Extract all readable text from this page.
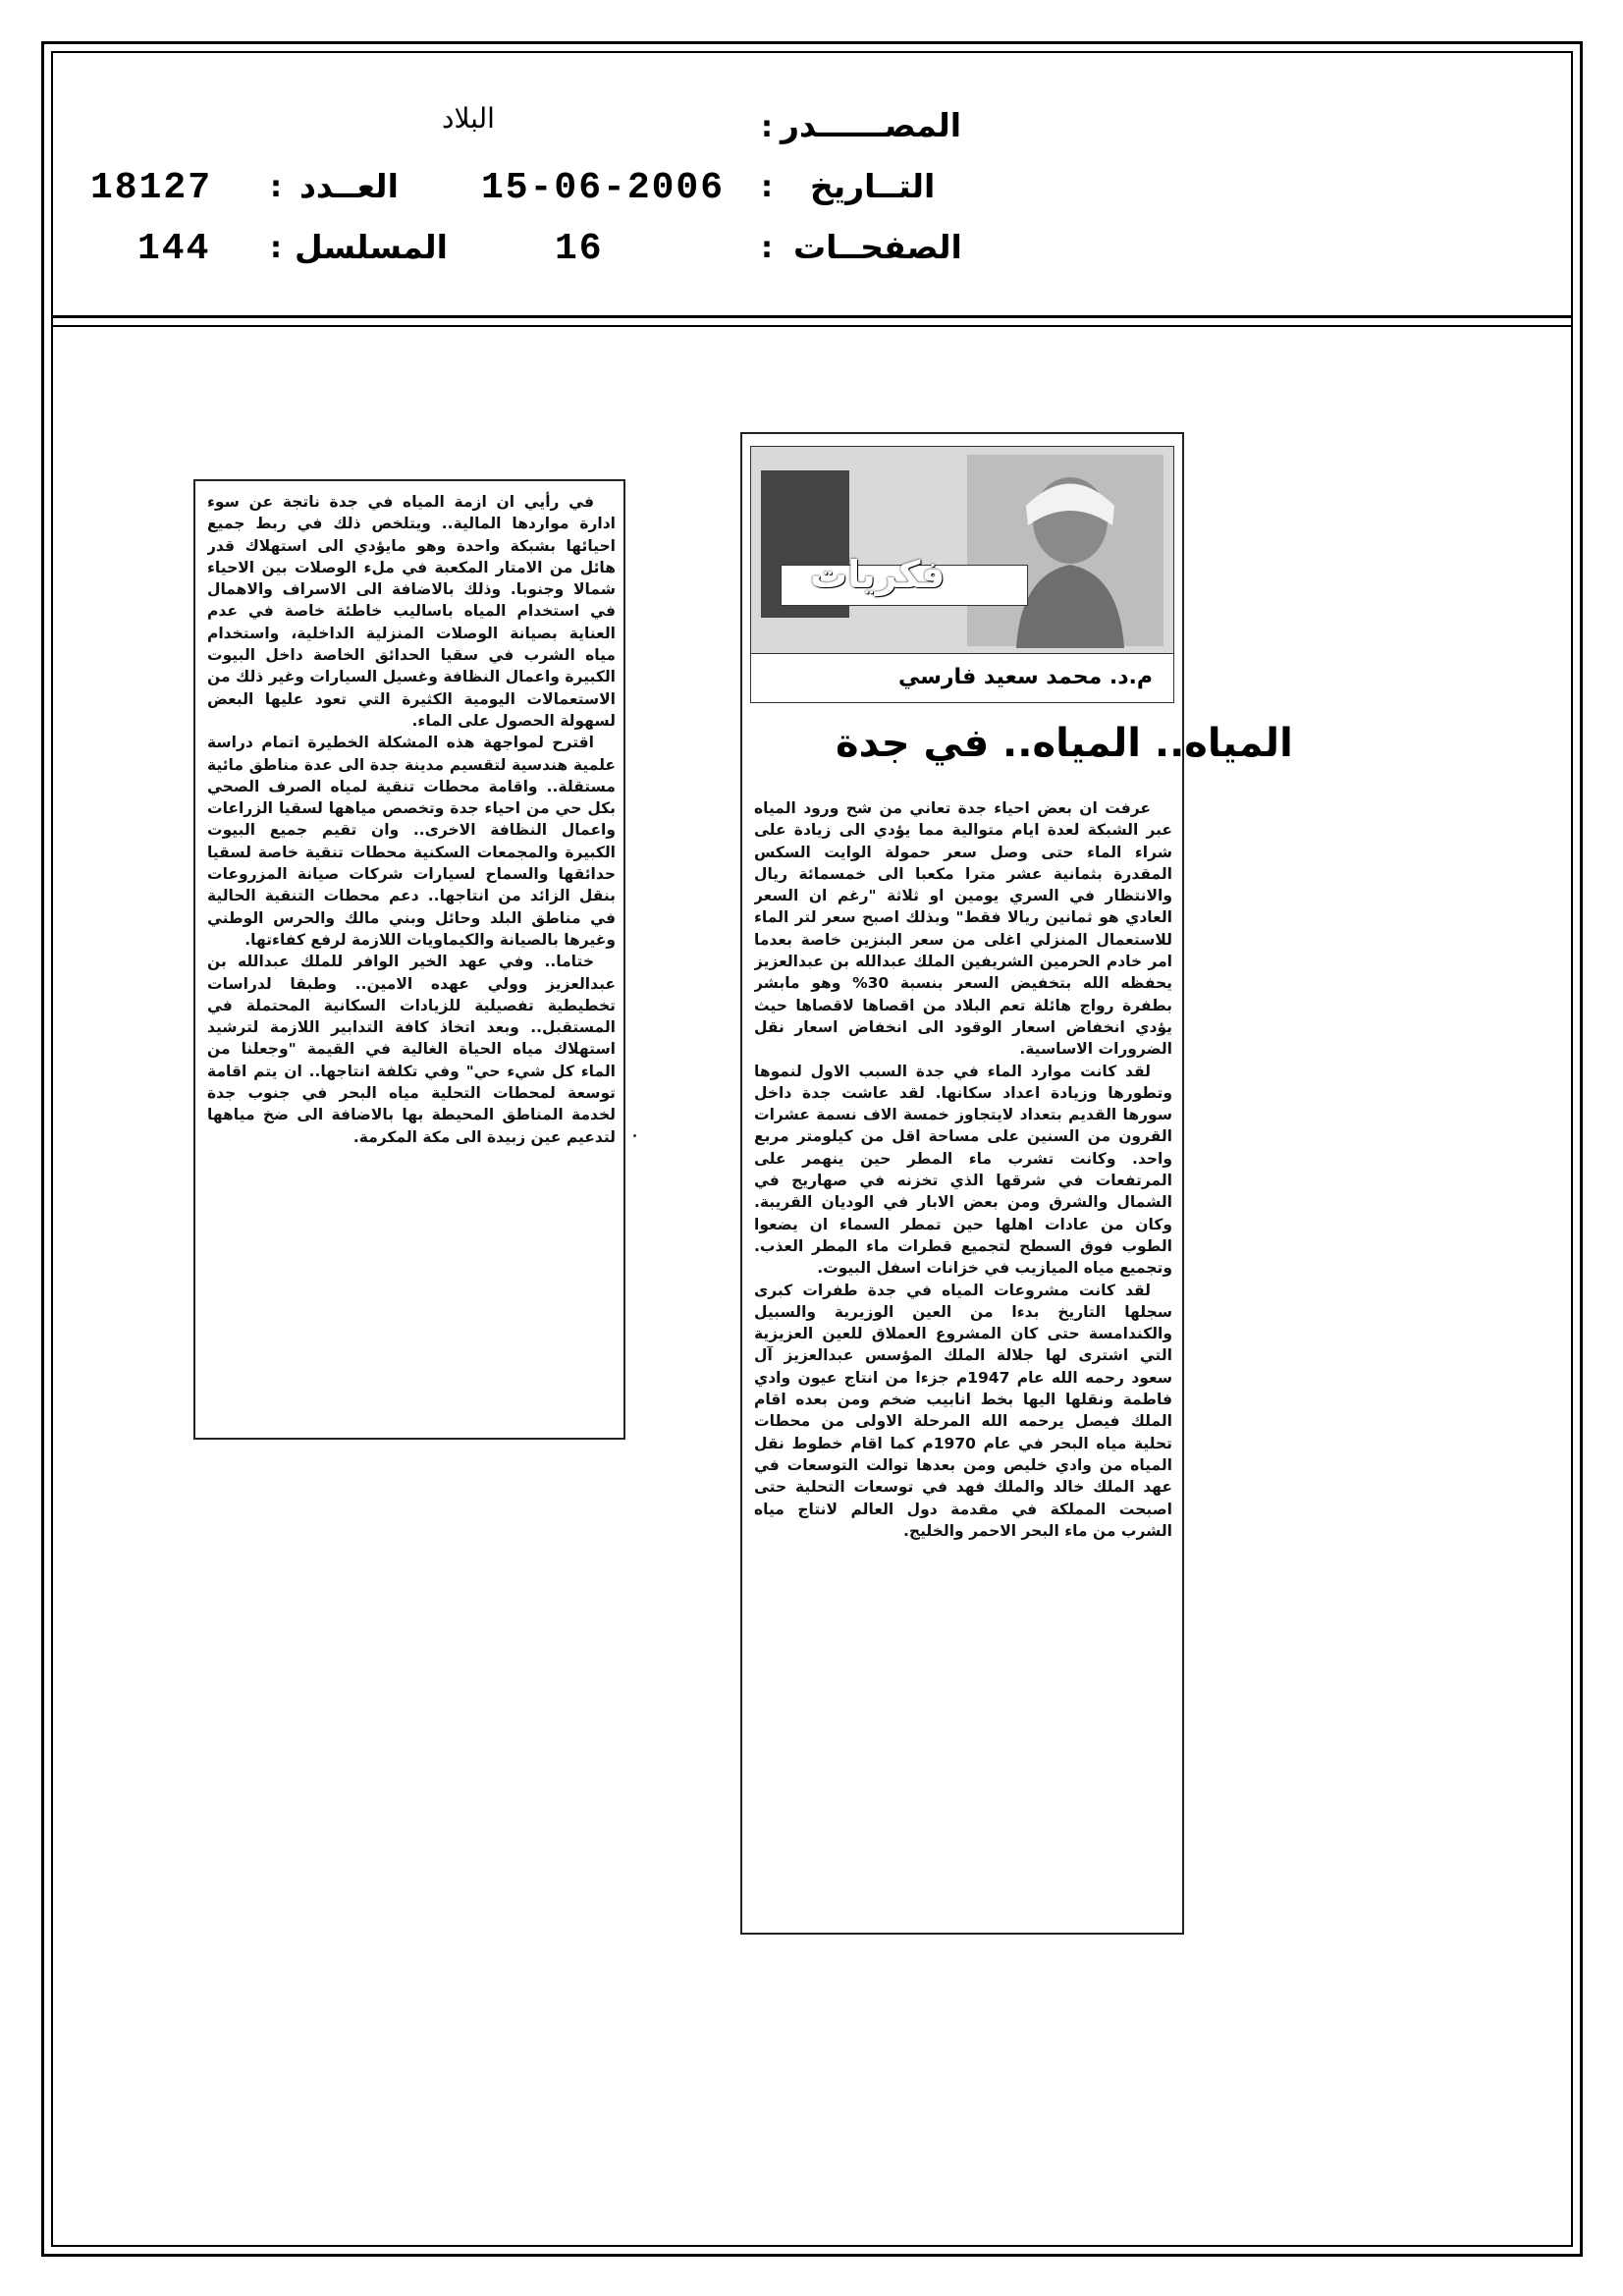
المصــــــدر
:
البلاد
التــاريخ
:
15-06-2006
العــدد
:
18127
الصفحــات
:
16
المسلسل
:
144
فكريات
م.د. محمد سعيد فارسي
المياه.. المياه.. في جدة

عرفت ان بعض احياء جدة تعاني من شح ورود المياه عبر الشبكة لعدة ايام متوالية مما يؤدي الى زيادة على شراء الماء حتى وصل سعر حمولة الوايت السكس المقدرة بثمانية عشر مترا مكعبا الى خمسمائة ريال والانتظار في السري يومين او ثلاثة "رغم ان السعر العادي هو ثمانين ريالا فقط" وبذلك اصبح سعر لتر الماء للاستعمال المنزلي اغلى من سعر البنزين خاصة بعدما امر خادم الحرمين الشريفين الملك عبدالله بن عبدالعزيز يحفظه الله بتخفيض السعر بنسبة 30% وهو مابشر بطفرة رواج هائلة تعم البلاد من اقصاها لاقصاها حيث يؤدي انخفاض اسعار الوقود الى انخفاض اسعار نقل الضرورات الاساسية.

لقد كانت موارد الماء في جدة السبب الاول لنموها وتطورها وزيادة اعداد سكانها. لقد عاشت جدة داخل سورها القديم بتعداد لايتجاوز خمسة الاف نسمة عشرات القرون من السنين على مساحة اقل من كيلومتر مربع واحد. وكانت تشرب ماء المطر حين ينهمر على المرتفعات في شرقها الذي تخزنه في صهاريج في الشمال والشرق ومن بعض الابار في الوديان القريبة. وكان من عادات اهلها حين تمطر السماء ان يضعوا الطوب فوق السطح لتجميع قطرات ماء المطر العذب. وتجميع مياه الميازيب في خزانات اسفل البيوت.

لقد كانت مشروعات المياه في جدة طفرات كبرى سجلها التاريخ بدءا من العين الوزيرية والسبيل والكندامسة حتى كان المشروع العملاق للعين العزيزية التي اشترى لها جلالة الملك المؤسس عبدالعزيز آل سعود رحمه الله عام 1947م جزءا من انتاج عيون وادي فاطمة ونقلها اليها بخط انابيب ضخم ومن بعده اقام الملك فيصل يرحمه الله المرحلة الاولى من محطات تحلية مياه البحر في عام 1970م كما اقام خطوط نقل المياه من وادي خليص ومن بعدها توالت التوسعات في عهد الملك خالد والملك فهد في توسعات التحلية حتى اصبحت المملكة في مقدمة دول العالم لانتاج مياه الشرب من ماء البحر الاحمر والخليج.

في رأيي ان ازمة المياه في جدة ناتجة عن سوء ادارة مواردها المالية.. ويتلخص ذلك في ربط جميع احيائها بشبكة واحدة وهو مايؤدي الى استهلاك قدر هائل من الامتار المكعبة في ملء الوصلات بين الاحياء شمالا وجنوبا. وذلك بالاضافة الى الاسراف والاهمال في استخدام المياه باساليب خاطئة خاصة في عدم العناية بصيانة الوصلات المنزلية الداخلية، واستخدام مياه الشرب في سقيا الحدائق الخاصة داخل البيوت الكبيرة واعمال النظافة وغسيل السيارات وغير ذلك من الاستعمالات اليومية الكثيرة التي تعود عليها البعض لسهولة الحصول على الماء.

اقترح لمواجهة هذه المشكلة الخطيرة اتمام دراسة علمية هندسية لتقسيم مدينة جدة الى عدة مناطق مائية مستقلة.. واقامة محطات تنقية لمياه الصرف الصحي بكل حي من احياء جدة وتخصص مياهها لسقيا الزراعات واعمال النظافة الاخرى.. وان تقيم جميع البيوت الكبيرة والمجمعات السكنية محطات تنقية خاصة لسقيا حدائقها والسماح لسيارات شركات صيانة المزروعات بنقل الزائد من انتاجها.. دعم محطات التنقية الحالية في مناطق البلد وحائل وبني مالك والحرس الوطني وغيرها بالصيانة والكيماويات اللازمة لرفع كفاءتها.

ختاما.. وفي عهد الخير الوافر للملك عبدالله بن عبدالعزيز وولي عهده الامين.. وطبقا لدراسات تخطيطية تفصيلية للزيادات السكانية المحتملة في المستقبل.. وبعد اتخاذ كافة التدابير اللازمة لترشيد استهلاك مياه الحياة الغالية في القيمة "وجعلنا من الماء كل شيء حي" وفي تكلفة انتاجها.. ان يتم اقامة توسعة لمحطات التحلية مياه البحر في جنوب جدة لخدمة المناطق المحيطة بها بالاضافة الى ضخ مياهها لتدعيم عين زبيدة الى مكة المكرمة.
